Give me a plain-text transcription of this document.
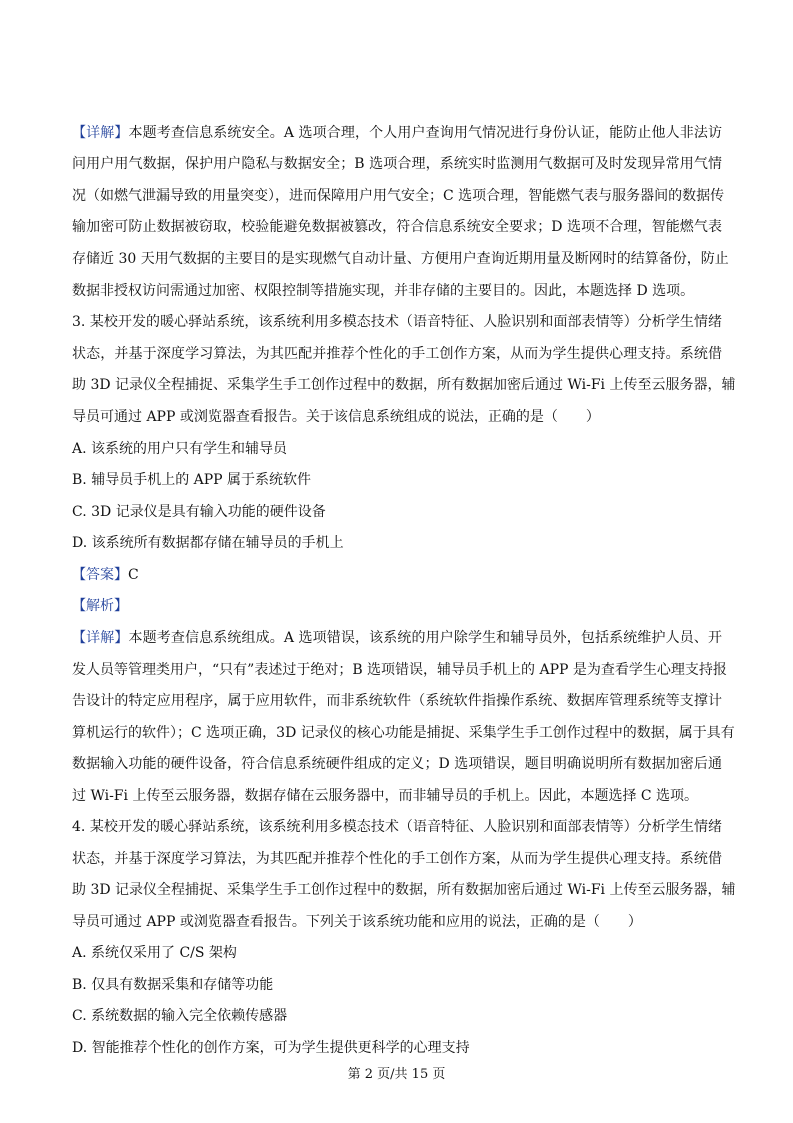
【详解】本题考查信息系统安全。A 选项合理，个人用户查询用气情况进行身份认证，能防止他人非法访
问用户用气数据，保护用户隐私与数据安全；B 选项合理，系统实时监测用气数据可及时发现异常用气情
况（如燃气泄漏导致的用量突变），进而保障用户用气安全；C 选项合理，智能燃气表与服务器间的数据传
输加密可防止数据被窃取，校验能避免数据被篡改，符合信息系统安全要求；D 选项不合理，智能燃气表
存储近 30 天用气数据的主要目的是实现燃气自动计量、方便用户查询近期用量及断网时的结算备份，防止
数据非授权访问需通过加密、权限控制等措施实现，并非存储的主要目的。因此，本题选择 D 选项。
3. 某校开发的暖心驿站系统，该系统利用多模态技术（语音特征、人脸识别和面部表情等）分析学生情绪
状态，并基于深度学习算法，为其匹配并推荐个性化的手工创作方案，从而为学生提供心理支持。系统借
助 3D 记录仪全程捕捉、采集学生手工创作过程中的数据，所有数据加密后通过 Wi-Fi 上传至云服务器，辅
导员可通过 APP 或浏览器查看报告。关于该信息系统组成的说法，正确的是（　　）
A. 该系统的用户只有学生和辅导员
B. 辅导员手机上的 APP 属于系统软件
C. 3D 记录仪是具有输入功能的硬件设备
D. 该系统所有数据都存储在辅导员的手机上
【答案】C
【解析】
【详解】本题考查信息系统组成。A 选项错误，该系统的用户除学生和辅导员外，包括系统维护人员、开
发人员等管理类用户，“只有”表述过于绝对；B 选项错误，辅导员手机上的 APP 是为查看学生心理支持报
告设计的特定应用程序，属于应用软件，而非系统软件（系统软件指操作系统、数据库管理系统等支撑计
算机运行的软件）；C 选项正确，3D 记录仪的核心功能是捕捉、采集学生手工创作过程中的数据，属于具有
数据输入功能的硬件设备，符合信息系统硬件组成的定义；D 选项错误，题目明确说明所有数据加密后通
过 Wi-Fi 上传至云服务器，数据存储在云服务器中，而非辅导员的手机上。因此，本题选择 C 选项。
4. 某校开发的暖心驿站系统，该系统利用多模态技术（语音特征、人脸识别和面部表情等）分析学生情绪
状态，并基于深度学习算法，为其匹配并推荐个性化的手工创作方案，从而为学生提供心理支持。系统借
助 3D 记录仪全程捕捉、采集学生手工创作过程中的数据，所有数据加密后通过 Wi-Fi 上传至云服务器，辅
导员可通过 APP 或浏览器查看报告。下列关于该系统功能和应用的说法，正确的是（　　）
A. 系统仅采用了 C/S 架构
B. 仅具有数据采集和存储等功能
C. 系统数据的输入完全依赖传感器
D. 智能推荐个性化的创作方案，可为学生提供更科学的心理支持
第 2 页/共 15 页
